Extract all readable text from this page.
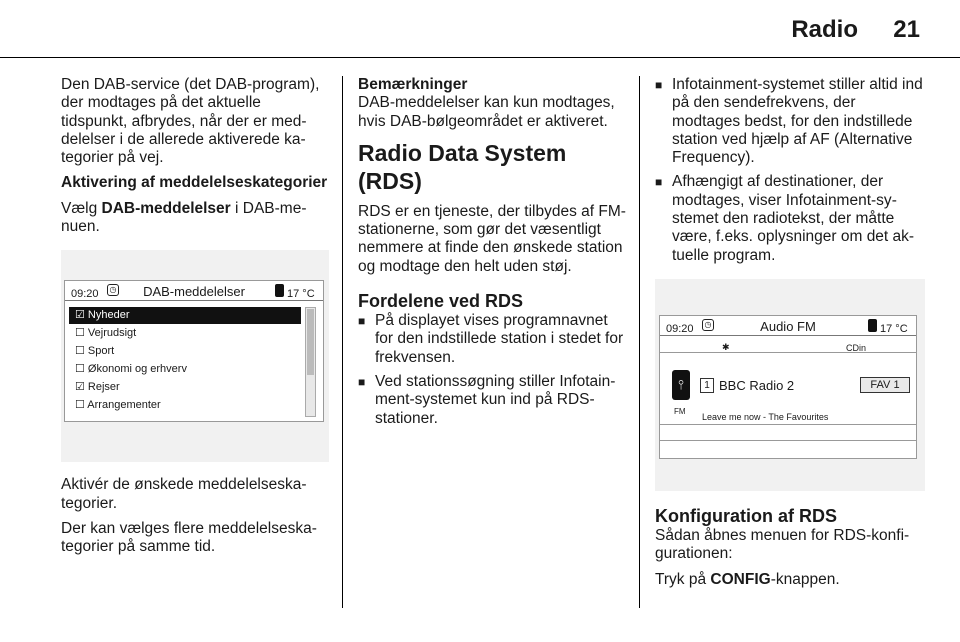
Radio 21

Den DAB-service (det DAB-program), der modtages på det aktuelle tidspunkt, afbrydes, når der er meddelelser i de allerede aktiverede kategorier på vej.

Aktivering af meddelelseskategorier

Vælg DAB-meddelelser i DAB-menuen.

09:20	◷	DAB-meddelelser	17 °C
☑ Nyheder
☐ Vejrudsigt
☐ Sport
☐ Økonomi og erhverv
☑ Rejser
☐ Arrangementer

Aktivér de ønskede meddelelseskategorier.

Der kan vælges flere meddelelseskategorier på samme tid.

Bemærkninger

DAB-meddelelser kan kun modtages, hvis DAB-bølgeområdet er aktiveret.

Radio Data System (RDS)

RDS er en tjeneste, der tilbydes af FM-stationerne, som gør det væsentligt nemmere at finde den ønskede station og modtage den helt uden støj.

Fordelene ved RDS
■ På displayet vises programnavnet for den indstillede station i stedet for frekvensen.
■ Ved stationssøgning stiller Infotainment-systemet kun ind på RDS-stationer.
■ Infotainment-systemet stiller altid ind på den sendefrekvens, der modtages bedst, for den indstillede station ved hjælp af AF (Alternative Frequency).
■ Afhængigt af destinationer, der modtages, viser Infotainment-systemet den radiotekst, der måtte være, f.eks. oplysninger om det aktuelle program.
09:20	◷	Audio FM	17 °C
✱	CDin
⫯
FM
1 BBC Radio 2	FAV 1
Leave me now - The Favourites
Konfiguration af RDS

Sådan åbnes menuen for RDS-konfigurationen:

Tryk på CONFIG-knappen.
